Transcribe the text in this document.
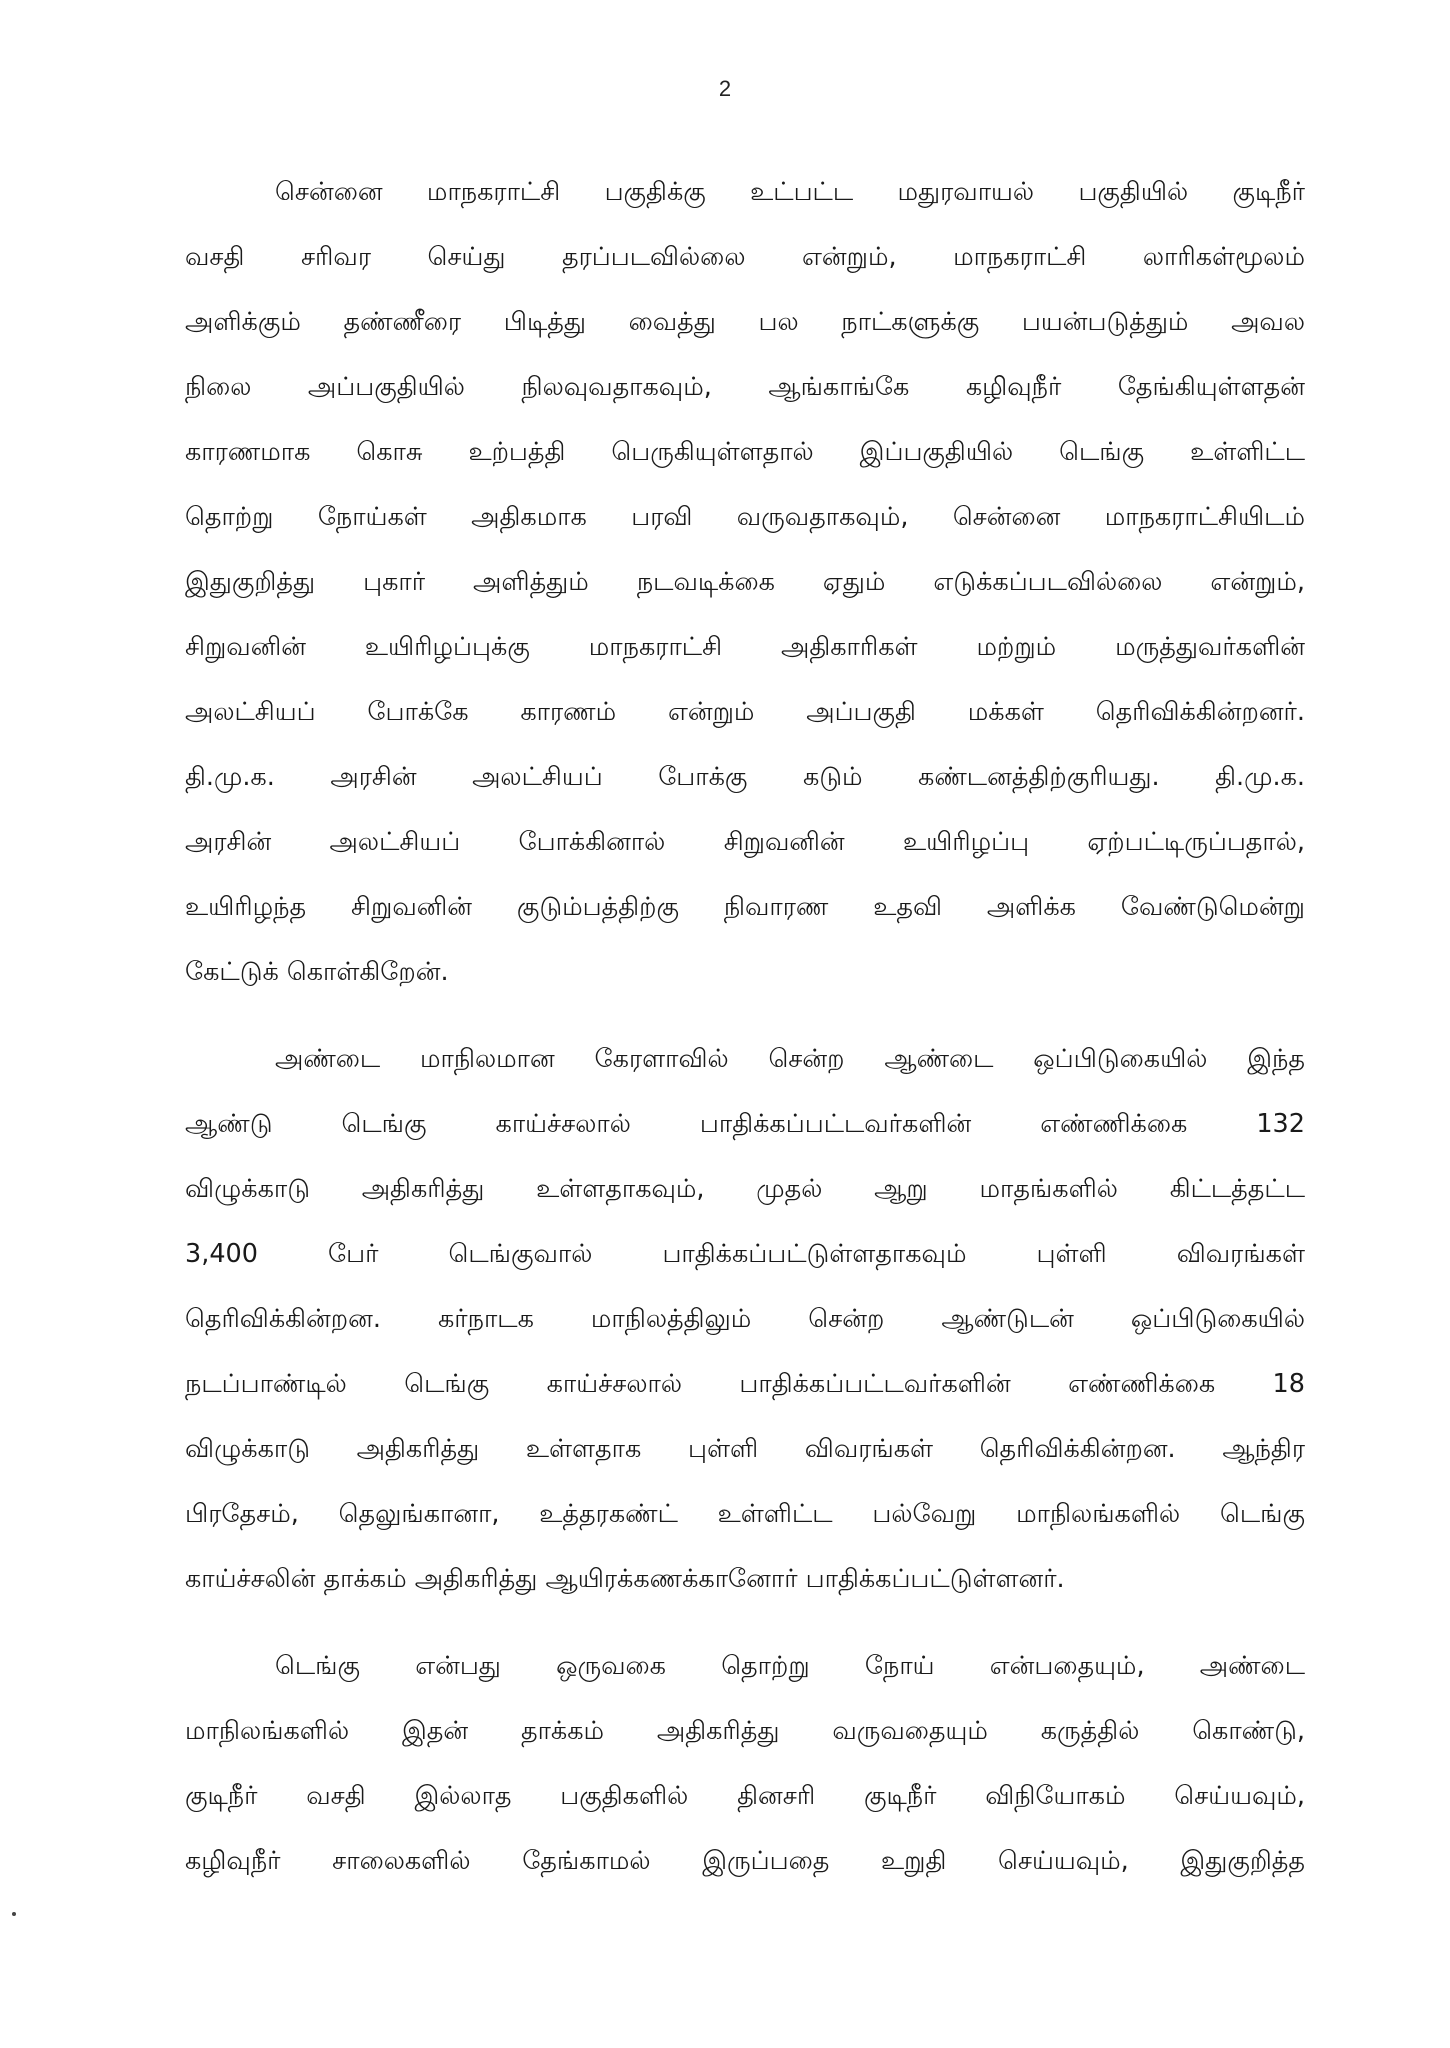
2
சென்னை மாநகராட்சி பகுதிக்கு உட்பட்ட மதுரவாயல் பகுதியில் குடிநீர்
வசதி சரிவர செய்து தரப்படவில்லை என்றும், மாநகராட்சி லாரிகள்மூலம்
அளிக்கும் தண்ணீரை பிடித்து வைத்து பல நாட்களுக்கு பயன்படுத்தும் அவல
நிலை அப்பகுதியில் நிலவுவதாகவும், ஆங்காங்கே கழிவுநீர் தேங்கியுள்ளதன்
காரணமாக கொசு உற்பத்தி பெருகியுள்ளதால் இப்பகுதியில் டெங்கு உள்ளிட்ட
தொற்று நோய்கள் அதிகமாக பரவி வருவதாகவும், சென்னை மாநகராட்சியிடம்
இதுகுறித்து புகார் அளித்தும் நடவடிக்கை ஏதும் எடுக்கப்படவில்லை என்றும்,
சிறுவனின் உயிரிழப்புக்கு மாநகராட்சி அதிகாரிகள் மற்றும் மருத்துவர்களின்
அலட்சியப் போக்கே காரணம் என்றும் அப்பகுதி மக்கள் தெரிவிக்கின்றனர்.
தி.மு.க. அரசின் அலட்சியப் போக்கு கடும் கண்டனத்திற்குரியது. தி.மு.க.
அரசின் அலட்சியப் போக்கினால் சிறுவனின் உயிரிழப்பு ஏற்பட்டிருப்பதால்,
உயிரிழந்த சிறுவனின் குடும்பத்திற்கு நிவாரண உதவி அளிக்க வேண்டுமென்று
கேட்டுக் கொள்கிறேன்.
அண்டை மாநிலமான கேரளாவில் சென்ற ஆண்டை ஒப்பிடுகையில் இந்த
ஆண்டு டெங்கு காய்ச்சலால் பாதிக்கப்பட்டவர்களின் எண்ணிக்கை 132
விழுக்காடு அதிகரித்து உள்ளதாகவும், முதல் ஆறு மாதங்களில் கிட்டத்தட்ட
3,400 பேர் டெங்குவால் பாதிக்கப்பட்டுள்ளதாகவும் புள்ளி விவரங்கள்
தெரிவிக்கின்றன. கர்நாடக மாநிலத்திலும் சென்ற ஆண்டுடன் ஒப்பிடுகையில்
நடப்பாண்டில் டெங்கு காய்ச்சலால் பாதிக்கப்பட்டவர்களின் எண்ணிக்கை 18
விழுக்காடு அதிகரித்து உள்ளதாக புள்ளி விவரங்கள் தெரிவிக்கின்றன. ஆந்திர
பிரதேசம், தெலுங்கானா, உத்தரகண்ட் உள்ளிட்ட பல்வேறு மாநிலங்களில் டெங்கு
காய்ச்சலின் தாக்கம் அதிகரித்து ஆயிரக்கணக்கானோர் பாதிக்கப்பட்டுள்ளனர்.
டெங்கு என்பது ஒருவகை தொற்று நோய் என்பதையும், அண்டை
மாநிலங்களில் இதன் தாக்கம் அதிகரித்து வருவதையும் கருத்தில் கொண்டு,
குடிநீர் வசதி இல்லாத பகுதிகளில் தினசரி குடிநீர் விநியோகம் செய்யவும்,
கழிவுநீர் சாலைகளில் தேங்காமல் இருப்பதை உறுதி செய்யவும், இதுகுறித்த
